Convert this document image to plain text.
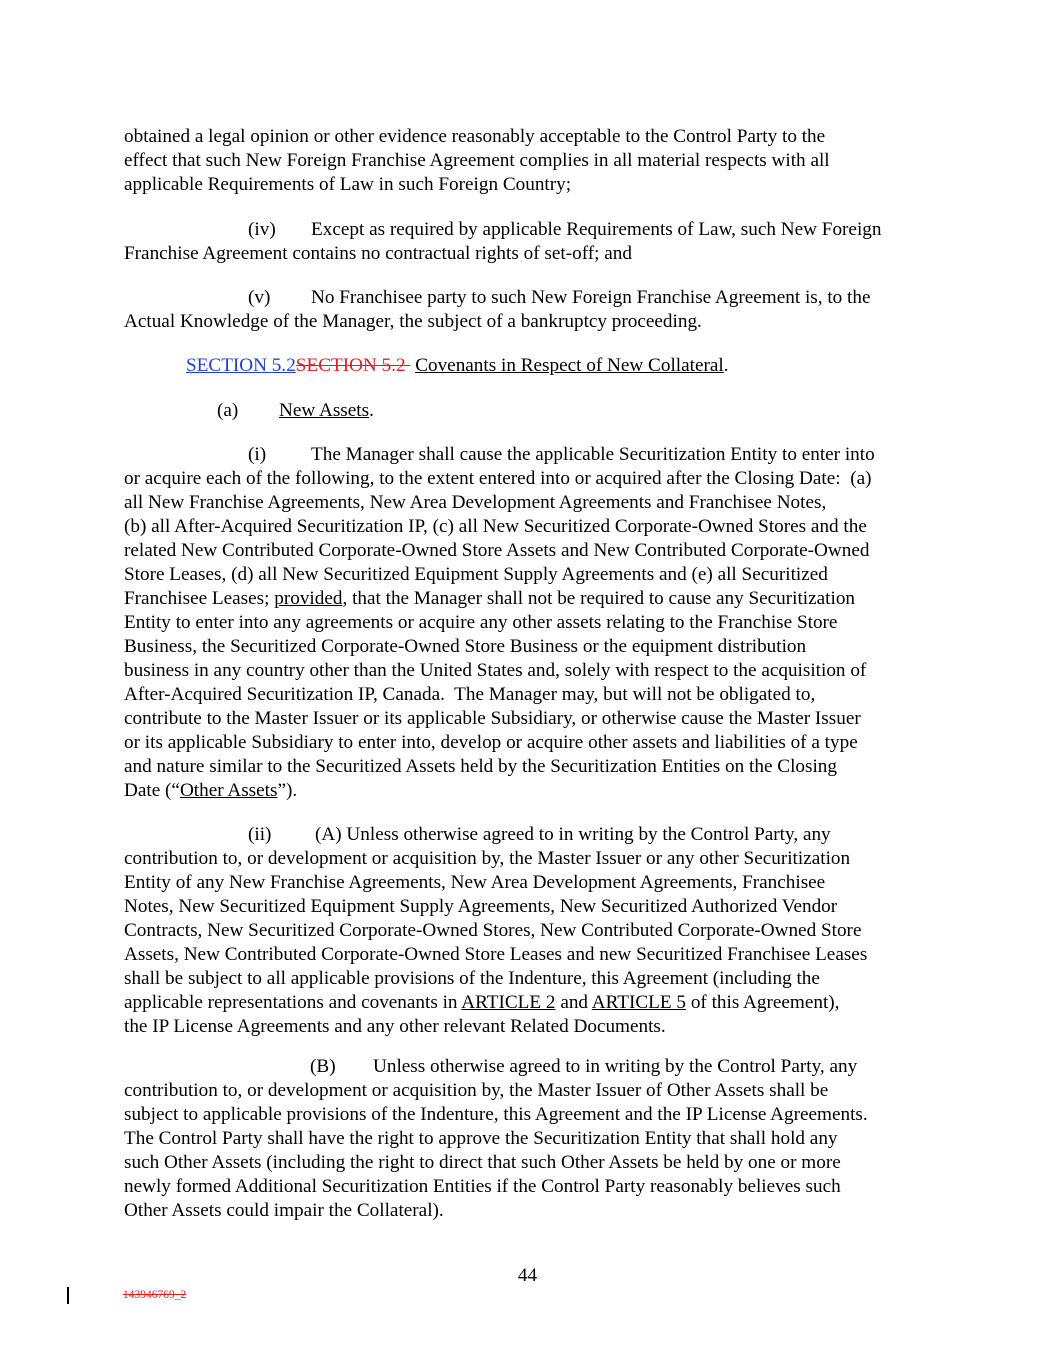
obtained a legal opinion or other evidence reasonably acceptable to the Control Party to the

effect that such New Foreign Franchise Agreement complies in all material respects with all

applicable Requirements of Law in such Foreign Country;

(iv) Except as required by applicable Requirements of Law, such New Foreign

Franchise Agreement contains no contractual rights of set-off; and

(v) No Franchisee party to such New Foreign Franchise Agreement is, to the

Actual Knowledge of the Manager, the subject of a bankruptcy proceeding.

SECTION 5.2SECTION 5.2  Covenants in Respect of New Collateral.

(a) New Assets.

(i) The Manager shall cause the applicable Securitization Entity to enter into

or acquire each of the following, to the extent entered into or acquired after the Closing Date:  (a)

all New Franchise Agreements, New Area Development Agreements and Franchisee Notes,

(b) all After-Acquired Securitization IP, (c) all New Securitized Corporate-Owned Stores and the

related New Contributed Corporate-Owned Store Assets and New Contributed Corporate-Owned

Store Leases, (d) all New Securitized Equipment Supply Agreements and (e) all Securitized

Franchisee Leases; provided, that the Manager shall not be required to cause any Securitization

Entity to enter into any agreements or acquire any other assets relating to the Franchise Store

Business, the Securitized Corporate-Owned Store Business or the equipment distribution

business in any country other than the United States and, solely with respect to the acquisition of

After-Acquired Securitization IP, Canada.  The Manager may, but will not be obligated to,

contribute to the Master Issuer or its applicable Subsidiary, or otherwise cause the Master Issuer

or its applicable Subsidiary to enter into, develop or acquire other assets and liabilities of a type

and nature similar to the Securitized Assets held by the Securitization Entities on the Closing

Date (“Other Assets”).

(ii) (A) Unless otherwise agreed to in writing by the Control Party, any

contribution to, or development or acquisition by, the Master Issuer or any other Securitization

Entity of any New Franchise Agreements, New Area Development Agreements, Franchisee

Notes, New Securitized Equipment Supply Agreements, New Securitized Authorized Vendor

Contracts, New Securitized Corporate-Owned Stores, New Contributed Corporate-Owned Store

Assets, New Contributed Corporate-Owned Store Leases and new Securitized Franchisee Leases

shall be subject to all applicable provisions of the Indenture, this Agreement (including the

applicable representations and covenants in ARTICLE 2 and ARTICLE 5 of this Agreement),

the IP License Agreements and any other relevant Related Documents.

(B) Unless otherwise agreed to in writing by the Control Party, any

contribution to, or development or acquisition by, the Master Issuer of Other Assets shall be

subject to applicable provisions of the Indenture, this Agreement and the IP License Agreements.

The Control Party shall have the right to approve the Securitization Entity that shall hold any

such Other Assets (including the right to direct that such Other Assets be held by one or more

newly formed Additional Securitization Entities if the Control Party reasonably believes such

Other Assets could impair the Collateral).

44
143946769_2
